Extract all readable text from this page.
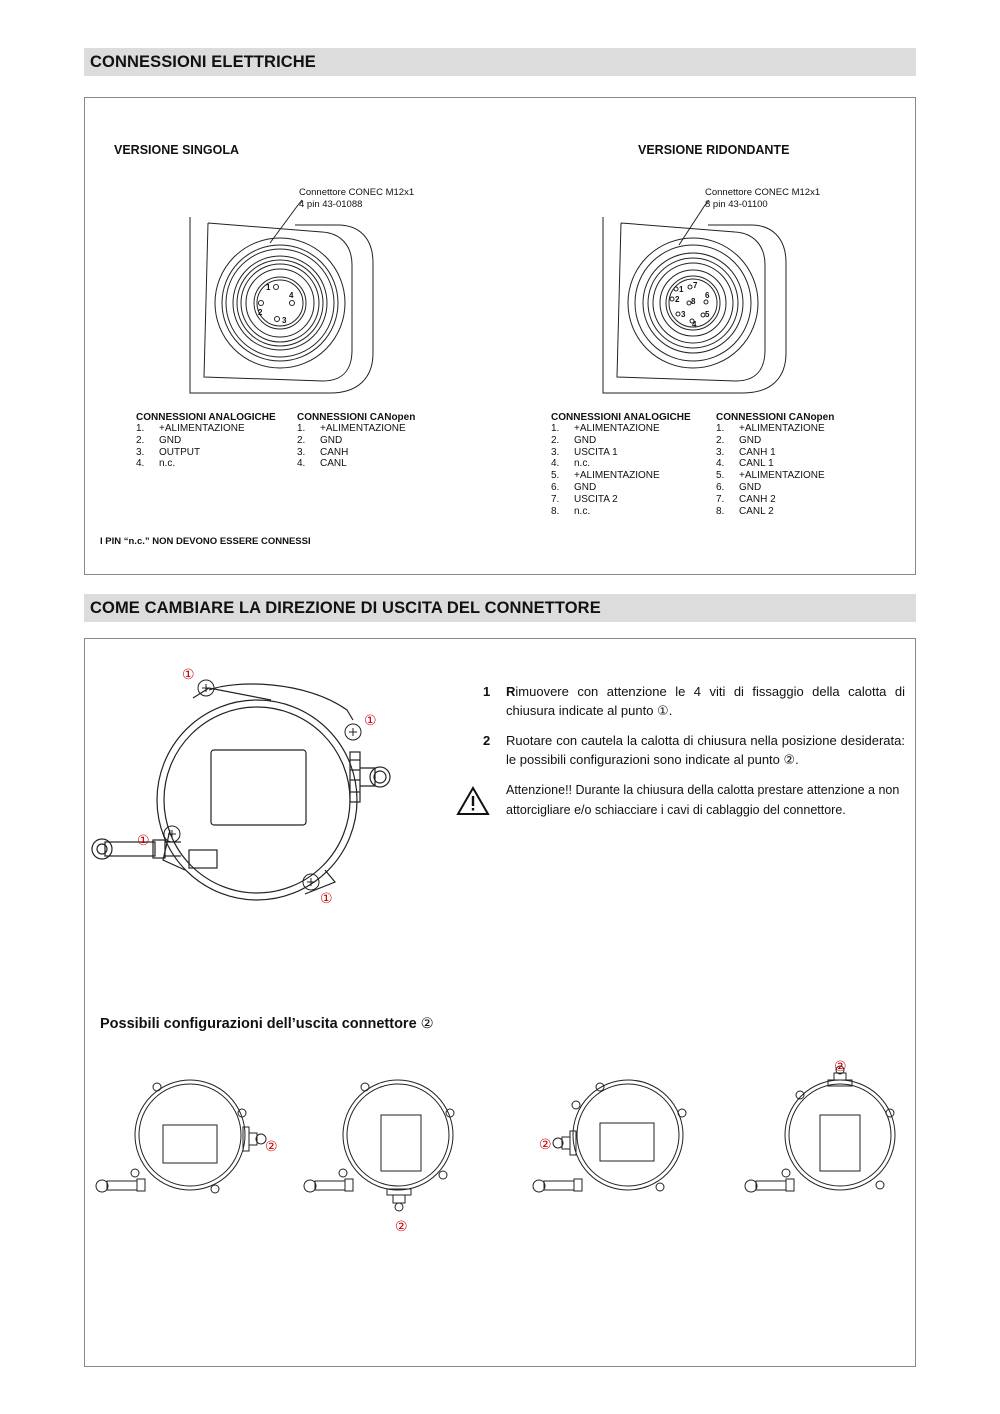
CONNESSIONI ELETTRICHE
VERSIONE SINGOLA	VERSIONE RIDONDANTE
Connettore CONEC M12x1
4 pin 43-01088
Connettore CONEC M12x1
8 pin 43-01100
1
2
3
4
1
2
3
4
5
6
7
8
CONNESSIONI ANALOGICHE
1. +ALIMENTAZIONE
2. GND
3. OUTPUT
4. n.c.
CONNESSIONI CANopen
1. +ALIMENTAZIONE
2. GND
3. CANH
4. CANL
CONNESSIONI ANALOGICHE
1. +ALIMENTAZIONE
2. GND
3. USCITA 1
4. n.c.
5. +ALIMENTAZIONE
6. GND
7. USCITA 2
8. n.c.
CONNESSIONI CANopen
1. +ALIMENTAZIONE
2. GND
3. CANH 1
4. CANL 1
5. +ALIMENTAZIONE
6. GND
7. CANH 2
8. CANL 2
I PIN “n.c.” NON DEVONO ESSERE CONNESSI
COME CAMBIARE LA DIREZIONE DI USCITA DEL CONNETTORE
①
①
①
①
1 Rimuovere con attenzione le 4 viti di fissaggio della calotta di chiusura indicate al punto ①.
2 Ruotare con cautela la calotta di chiusura nella posizione desiderata: le possibili configurazioni sono indicate al punto ②.
Attenzione!! Durante la chiusura della calotta prestare attenzione a non attorcigliare e/o schiacciare i cavi di cablaggio del connettore.
Possibili configurazioni dell’uscita connettore ②
②
②
②
②
